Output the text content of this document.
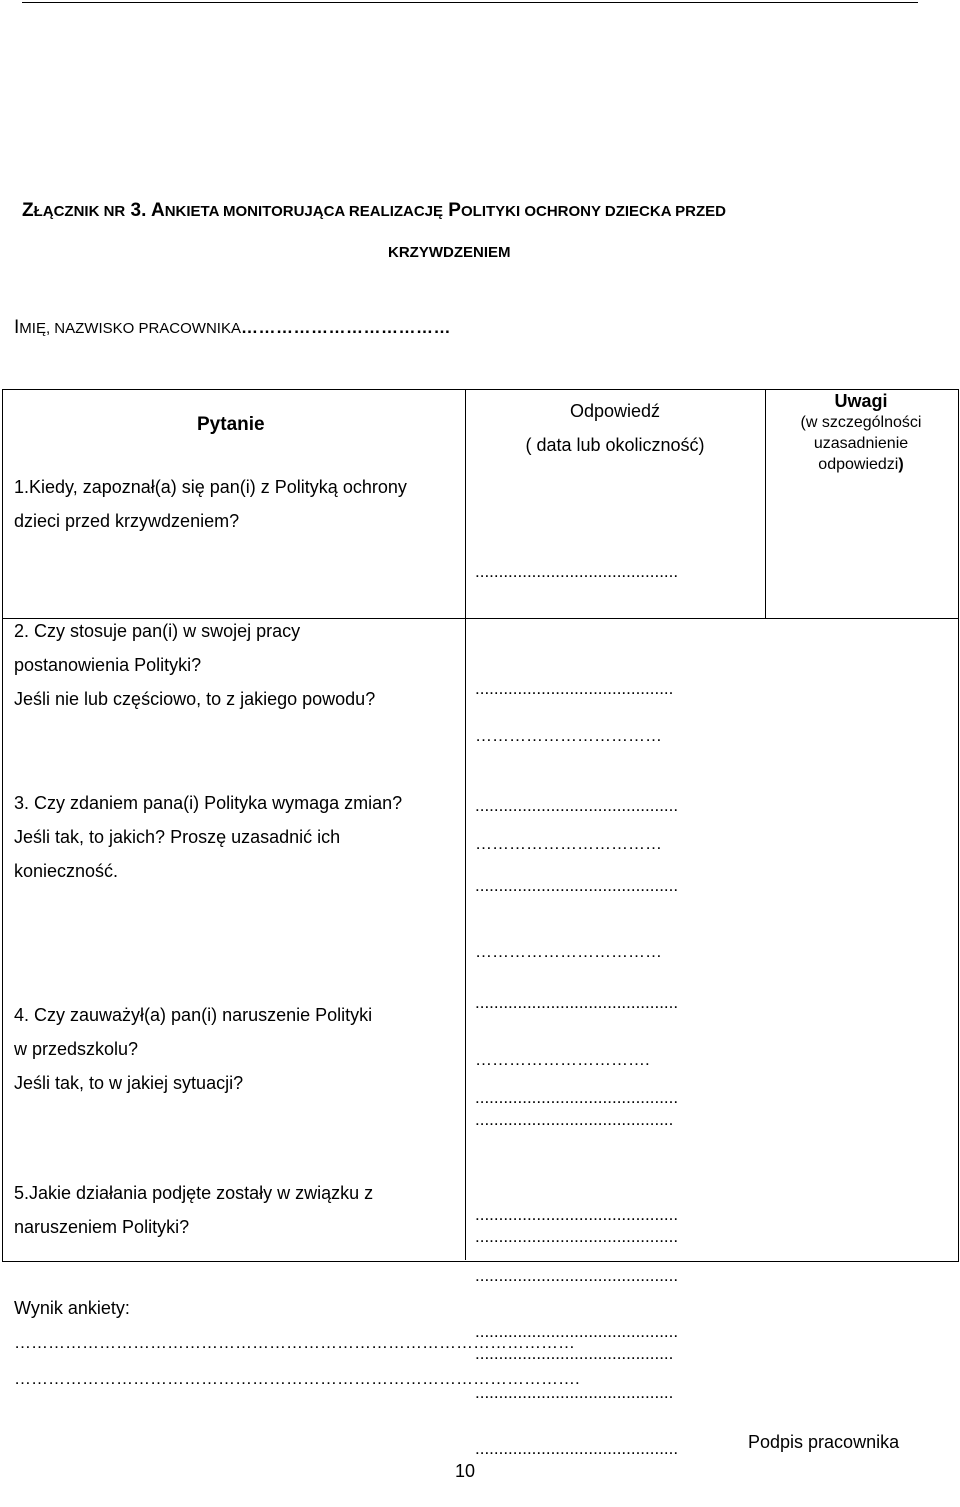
ZŁĄCZNIK NR 3. ANKIETA MONITORUJĄCA REALIZACJĘ POLITYKI OCHRONY DZIECKA PRZED
KRZYWDZENIEM
IMIĘ, NAZWISKO PRACOWNIKA………………………………
Pytanie
Odpowiedź
( data lub okoliczność)
Uwagi
(w szczególności
uzasadnienie
odpowiedzi)
1.Kiedy, zapoznał(a) się pan(i) z Polityką ochrony
dzieci przed krzywdzeniem?

...........................................

..........................................

...........................................

2. Czy stosuje pan(i) w swojej pracy
postanowienia Polityki?
Jeśli nie lub częściowo, to z jakiego powodu?

……………………………

……………………………

……………………………

………………………….

3. Czy zdaniem pana(i) Polityka wymaga zmian?
Jeśli tak, to jakich? Proszę uzasadnić ich
konieczność.

...........................................

...........................................

..........................................

...........................................

..........................................

4. Czy zauważył(a) pan(i) naruszenie Polityki
w przedszkolu?
Jeśli tak, to w jakiej sytuacji?

...........................................

...........................................

...........................................

...........................................

5.Jakie działania podjęte zostały w związku z
naruszeniem Polityki?

...........................................

..........................................

Wynik ankiety:
………………………………………………………………………………………
……………………………………………………………………………………….
Podpis pracownika
10
